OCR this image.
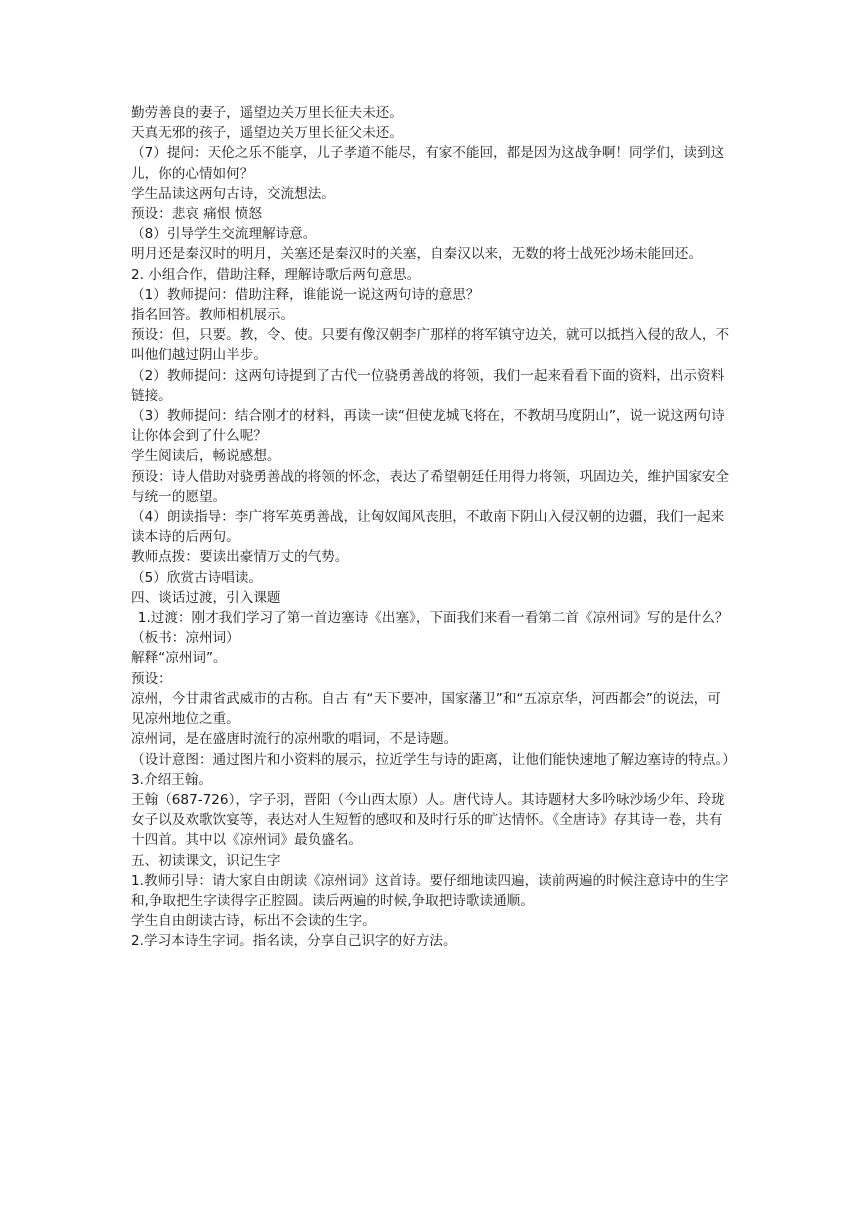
勤劳善良的妻子，遥望边关万里长征夫未还。

天真无邪的孩子，遥望边关万里长征父未还。

（7）提问：天伦之乐不能享，儿子孝道不能尽，有家不能回，都是因为这战争啊！同学们，读到这儿，你的心情如何？

学生品读这两句古诗，交流想法。

预设：悲哀 痛恨 愤怒

（8）引导学生交流理解诗意。

明月还是秦汉时的明月，关塞还是秦汉时的关塞，自秦汉以来，无数的将士战死沙场未能回还。

2. 小组合作，借助注释，理解诗歌后两句意思。

（1）教师提问：借助注释，谁能说一说这两句诗的意思？

指名回答。教师相机展示。

预设：但，只要。教，令、使。只要有像汉朝李广那样的将军镇守边关，就可以抵挡入侵的敌人，不叫他们越过阴山半步。

（2）教师提问：这两句诗提到了古代一位骁勇善战的将领，我们一起来看看下面的资料，出示资料链接。

（3）教师提问：结合刚才的材料，再读一读“但使龙城飞将在，不教胡马度阴山”，说一说这两句诗让你体会到了什么呢？

学生阅读后，畅说感想。

预设：诗人借助对骁勇善战的将领的怀念，表达了希望朝廷任用得力将领，巩固边关，维护国家安全与统一的愿望。

（4）朗读指导：李广将军英勇善战，让匈奴闻风丧胆，不敢南下阴山入侵汉朝的边疆，我们一起来读本诗的后两句。

教师点拨：要读出豪情万丈的气势。

（5）欣赏古诗唱读。

四、谈话过渡，引入课题

1.过渡：刚才我们学习了第一首边塞诗《出塞》，下面我们来看一看第二首《凉州词》写的是什么？（板书：凉州词）

解释“凉州词”。

预设：

凉州，今甘肃省武威市的古称。自古 有“天下要冲，国家藩卫”和“五凉京华，河西都会”的说法，可见凉州地位之重。

凉州词，是在盛唐时流行的凉州歌的唱词，不是诗题。

（设计意图：通过图片和小资料的展示，拉近学生与诗的距离，让他们能快速地了解边塞诗的特点。）

3.介绍王翰。

王翰（687-726），字子羽，晋阳（今山西太原）人。唐代诗人。其诗题材大多吟咏沙场少年、玲珑女子以及欢歌饮宴等，表达对人生短暂的感叹和及时行乐的旷达情怀。《全唐诗》存其诗一卷，共有十四首。其中以《凉州词》最负盛名。

五、初读课文，识记生字

1.教师引导：请大家自由朗读《凉州词》这首诗。要仔细地读四遍，读前两遍的时候注意诗中的生字和,争取把生字读得字正腔圆。读后两遍的时候,争取把诗歌读通顺。

学生自由朗读古诗，标出不会读的生字。

2.学习本诗生字词。指名读，分享自己识字的好方法。
